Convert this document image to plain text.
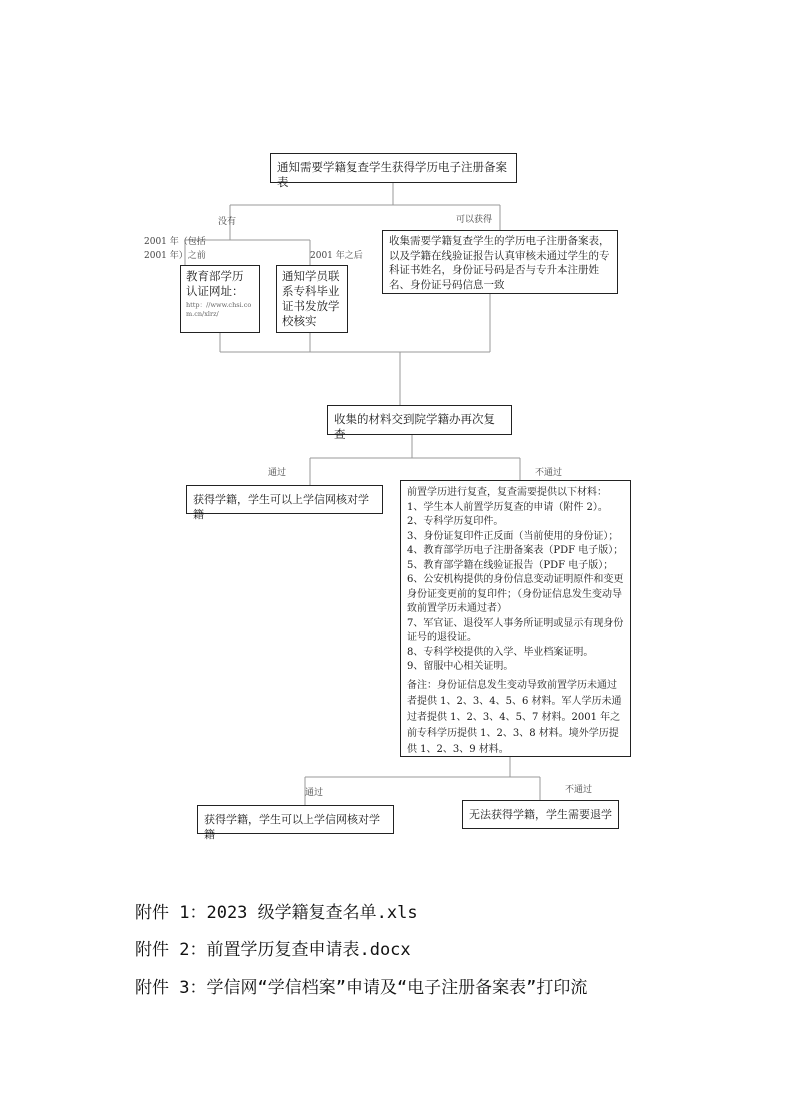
通知需要学籍复查学生获得学历电子注册备案表
没有	可以获得
2001 年（包括 2001 年）之前	2001 年之后
教育部学历认证网址：
http：//www.chsi.com.cn/xlrz/
通知学员联系专科毕业证书发放学校核实
收集需要学籍复查学生的学历电子注册备案表，以及学籍在线验证报告认真审核未通过学生的专科证书姓名，身份证号码是否与专升本注册姓名、身份证号码信息一致
收集的材料交到院学籍办再次复查
通过	不通过
获得学籍，学生可以上学信网核对学籍
前置学历进行复查，复查需要提供以下材料：
1、学生本人前置学历复查的申请（附件 2）。
2、专科学历复印件。
3、身份证复印件正反面（当前使用的身份证）；
4、教育部学历电子注册备案表（PDF 电子版）；
5、教育部学籍在线验证报告（PDF 电子版）；
6、公安机构提供的身份信息变动证明原件和变更身份证变更前的复印件；（身份证信息发生变动导致前置学历未通过者）
7、军官证、退役军人事务所证明或显示有现身份证号的退役证。
8、专科学校提供的入学、毕业档案证明。
9、留服中心相关证明。
备注：身份证信息发生变动导致前置学历未通过者提供 1、2、3、4、5、6 材料。军人学历未通过者提供 1、2、3、4、5、7 材料。2001 年之前专科学历提供 1、2、3、8 材料。境外学历提供 1、2、3、9 材料。
通过	不通过
获得学籍，学生可以上学信网核对学籍
无法获得学籍，学生需要退学
附件 1：2023 级学籍复查名单.xls
附件 2：前置学历复查申请表.docx
附件 3：学信网“学信档案”申请及“电子注册备案表”打印流
